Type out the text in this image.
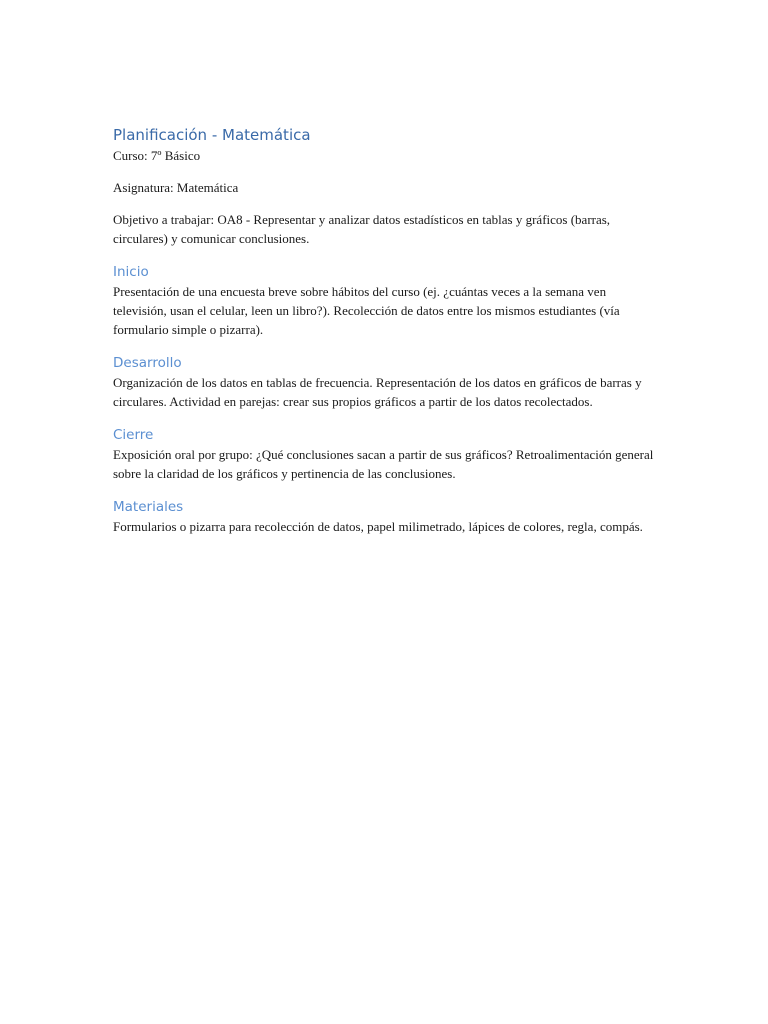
Planificación - Matemática

Curso: 7º Básico

Asignatura: Matemática

Objetivo a trabajar: OA8 - Representar y analizar datos estadísticos en tablas y gráficos (barras, circulares) y comunicar conclusiones.

Inicio

Presentación de una encuesta breve sobre hábitos del curso (ej. ¿cuántas veces a la semana ven televisión, usan el celular, leen un libro?). Recolección de datos entre los mismos estudiantes (vía formulario simple o pizarra).

Desarrollo

Organización de los datos en tablas de frecuencia. Representación de los datos en gráficos de barras y circulares. Actividad en parejas: crear sus propios gráficos a partir de los datos recolectados.

Cierre

Exposición oral por grupo: ¿Qué conclusiones sacan a partir de sus gráficos? Retroalimentación general sobre la claridad de los gráficos y pertinencia de las conclusiones.

Materiales

Formularios o pizarra para recolección de datos, papel milimetrado, lápices de colores, regla, compás.
